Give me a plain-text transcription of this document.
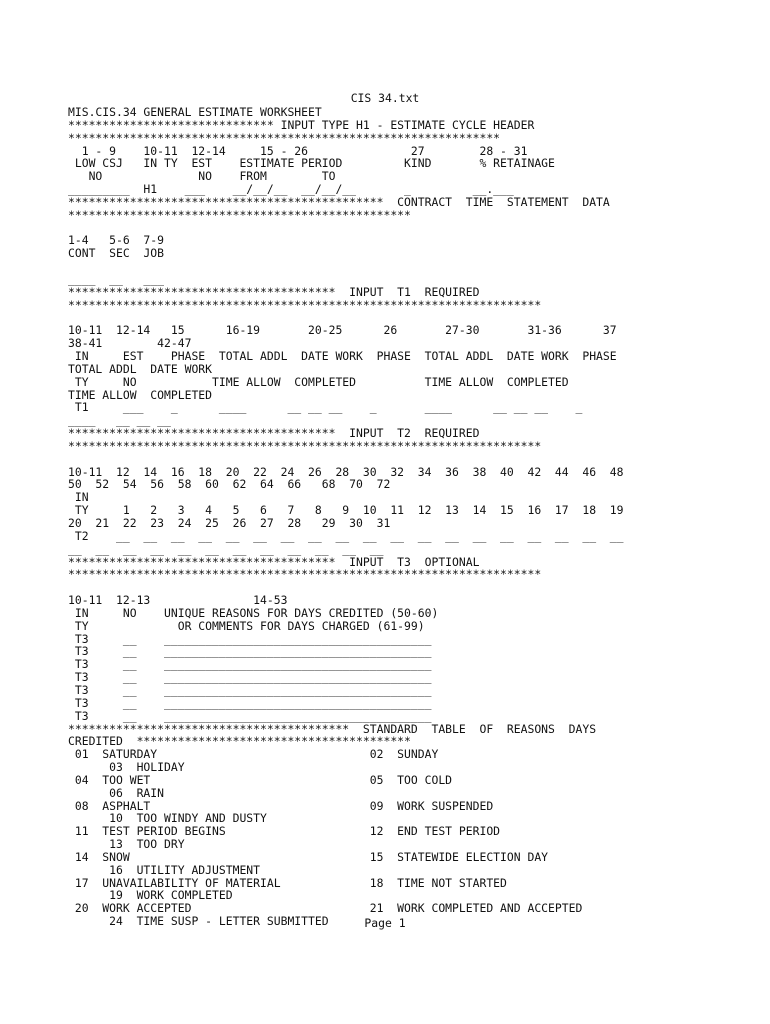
CIS 34.txt
MIS.CIS.34 GENERAL ESTIMATE WORKSHEET
****************************** INPUT TYPE H1 - ESTIMATE CYCLE HEADER
***************************************************************
1 - 9    10-11  12-14     15 - 26               27        28 - 31
LOW CSJ   IN TY  EST    ESTIMATE PERIOD         KIND       % RETAINAGE
NO              NO    FROM        TO
_________  H1    ___    __/__/__  __/__/__       _         __.___
**********************************************  CONTRACT  TIME  STATEMENT  DATA
**************************************************
1-4   5-6  7-9
CONT  SEC  JOB
____  __   ___
***************************************  INPUT  T1  REQUIRED
*********************************************************************
10-11  12-14   15      16-19       20-25      26       27-30       31-36      37
38-41        42-47
IN     EST    PHASE  TOTAL ADDL  DATE WORK  PHASE  TOTAL ADDL  DATE WORK  PHASE
TOTAL ADDL  DATE WORK
TY     NO           TIME ALLOW  COMPLETED          TIME ALLOW  COMPLETED
TIME ALLOW  COMPLETED
T1     ___    _      ____      __ __ __    _       ____      __ __ __    _
____   __ __ __
***************************************  INPUT  T2  REQUIRED
*********************************************************************
10-11  12  14  16  18  20  22  24  26  28  30  32  34  36  38  40  42  44  46  48
50  52  54  56  58  60  62  64  66   68  70  72
IN
TY     1   2   3   4   5   6   7   8   9  10  11  12  13  14  15  16  17  18  19
20  21  22  23  24  25  26  27  28   29  30  31
T2    __  __  __  __  __  __  __  __  __  __  __  __  __  __  __  __  __  __  __
__  __  __  __  __  __  __  __  __  __  __  __
***************************************  INPUT  T3  OPTIONAL
*********************************************************************
10-11  12-13               14-53
IN     NO    UNIQUE REASONS FOR DAYS CREDITED (50-60)
TY             OR COMMENTS FOR DAYS CHARGED (61-99)
T3     __    _______________________________________
T3     __    _______________________________________
T3     __    _______________________________________
T3     __    _______________________________________
T3     __    _______________________________________
T3     __    _______________________________________
T3     __    _______________________________________
*****************************************  STANDARD  TABLE  OF  REASONS  DAYS
CREDITED  ****************************************
01  SATURDAY                               02  SUNDAY
03  HOLIDAY
04  TOO WET                                05  TOO COLD
06  RAIN
08  ASPHALT                                09  WORK SUSPENDED
10  TOO WINDY AND DUSTY
11  TEST PERIOD BEGINS                     12  END TEST PERIOD
13  TOO DRY
14  SNOW                                   15  STATEWIDE ELECTION DAY
16  UTILITY ADJUSTMENT
17  UNAVAILABILITY OF MATERIAL             18  TIME NOT STARTED
19  WORK COMPLETED
20  WORK ACCEPTED                          21  WORK COMPLETED AND ACCEPTED
24  TIME SUSP - LETTER SUBMITTED	Page 1
